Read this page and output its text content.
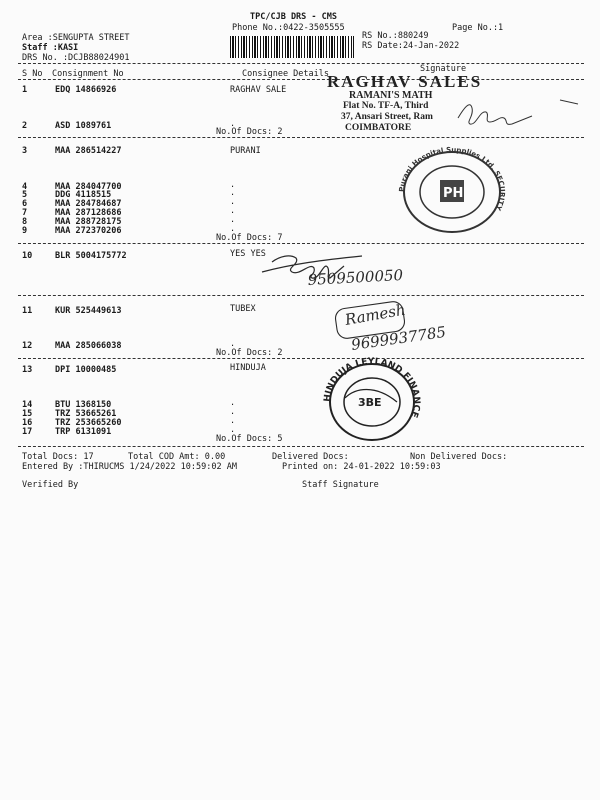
TPC/CJB DRS - CMS
Phone No.:0422-3505555	Page No.:1
Area :SENGUPTA STREET
Staff :KASI
DRS No. :DCJB88024901
RS No.:880249
RS Date:24-Jan-2022
Signature
S No Consignment No	Consignee Details
1	EDQ 14866926	RAGHAV SALE
2	ASD 1089761	.
No.Of Docs: 2
RAGHAV SALES
RAMANI'S MATH
Flat No. TF-A, Third
37, Ansari Street, Ram
COIMBATORE
3	MAA 286514227	PURANI
4	MAA 284047700	.
5	DDG 4118515	.
6	MAA 284784687	.
7	MAA 287128686	.
8	MAA 288728175	.
9	MAA 272370206	.
No.Of Docs: 7
10	BLR 5004175772	YES YES
11	KUR 525449613	TUBEX
12	MAA 285066038	.
No.Of Docs: 2
13	DPI 10000485	HINDUJA
14	BTU 1368150	.
15	TRZ 53665261	.
16	TRZ 253665260	.
17	TRP 6131091	.
No.Of Docs: 5
Total Docs: 17	Total COD Amt: 0.00	Delivered Docs:	Non Delivered Docs:
Entered By :THIRUCMS 1/24/2022 10:59:02 AM	Printed on: 24-01-2022 10:59:03
Verified By	Staff Signature
Purani Hospital Supplies Ltd. SECURITY
PH
9509500050
Ramesh
9699937785
HINDUJA LEYLAND FINANCE
3BE
